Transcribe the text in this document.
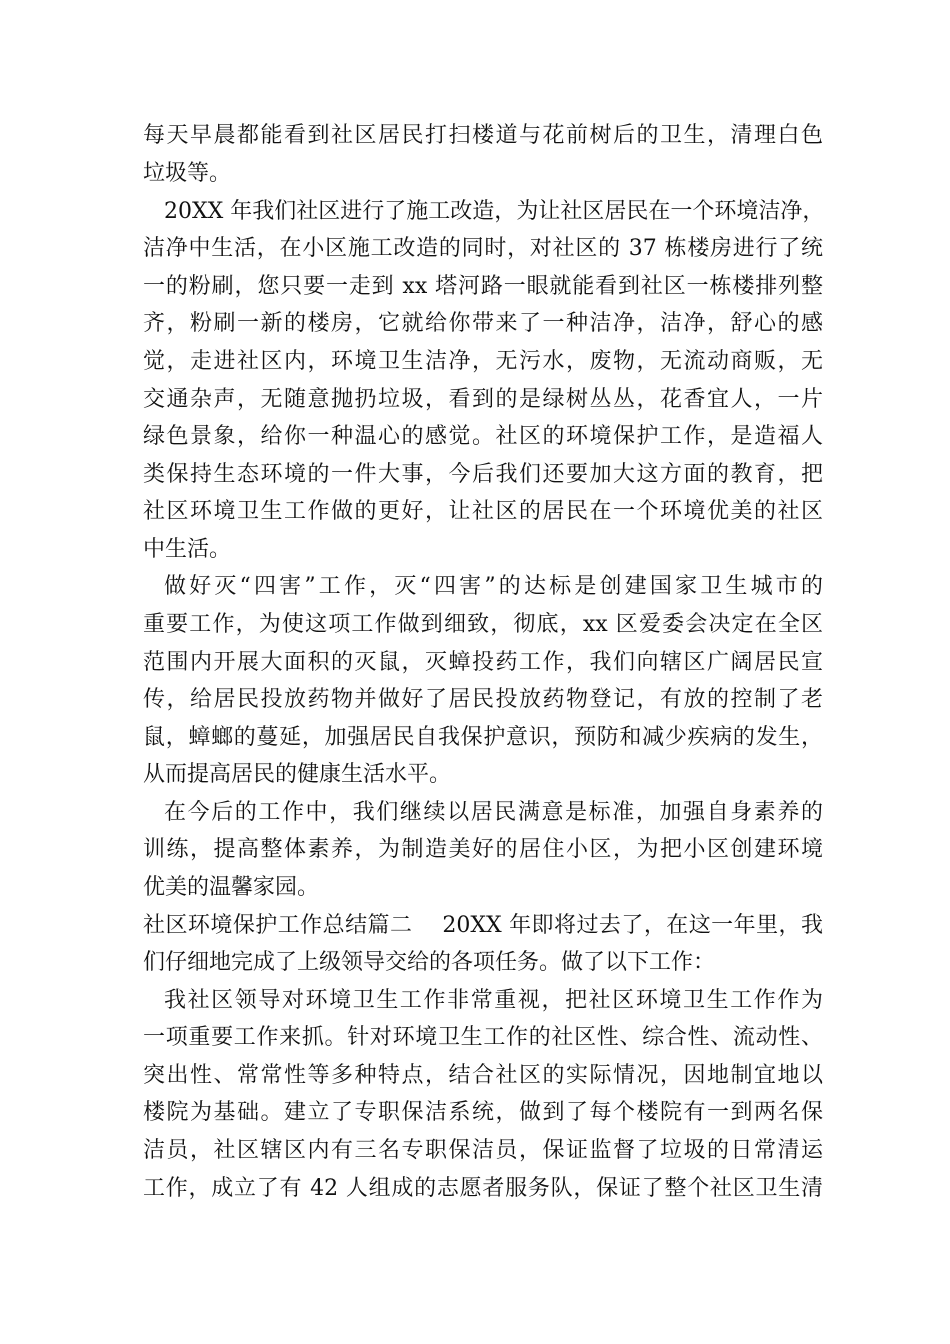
每天早晨都能看到社区居民打扫楼道与花前树后的卫生，清理白色
垃圾等。
20XX 年我们社区进行了施工改造，为让社区居民在一个环境洁净，
洁净中生活，在小区施工改造的同时，对社区的 37 栋楼房进行了统
一的粉刷，您只要一走到 xx 塔河路一眼就能看到社区一栋楼排列整
齐，粉刷一新的楼房，它就给你带来了一种洁净，洁净，舒心的感
觉，走进社区内，环境卫生洁净，无污水，废物，无流动商贩，无
交通杂声，无随意抛扔垃圾，看到的是绿树丛丛，花香宜人，一片
绿色景象，给你一种温心的感觉。社区的环境保护工作，是造福人
类保持生态环境的一件大事，今后我们还要加大这方面的教育，把
社区环境卫生工作做的更好，让社区的居民在一个环境优美的社区
中生活。
做好灭“四害”工作，灭“四害”的达标是创建国家卫生城市的
重要工作，为使这项工作做到细致，彻底，xx 区爱委会决定在全区
范围内开展大面积的灭鼠，灭蟑投药工作，我们向辖区广阔居民宣
传，给居民投放药物并做好了居民投放药物登记，有放的控制了老
鼠，蟑螂的蔓延，加强居民自我保护意识，预防和减少疾病的发生，
从而提高居民的健康生活水平。
在今后的工作中，我们继续以居民满意是标准，加强自身素养的
训练，提高整体素养，为制造美好的居住小区，为把小区创建环境
优美的温馨家园。
社区环境保护工作总结篇二　 20XX 年即将过去了，在这一年里，我
们仔细地完成了上级领导交给的各项任务。做了以下工作：
我社区领导对环境卫生工作非常重视，把社区环境卫生工作作为
一项重要工作来抓。针对环境卫生工作的社区性、综合性、流动性、
突出性、常常性等多种特点，结合社区的实际情况，因地制宜地以
楼院为基础。建立了专职保洁系统，做到了每个楼院有一到两名保
洁员，社区辖区内有三名专职保洁员，保证监督了垃圾的日常清运
工作，成立了有 42 人组成的志愿者服务队，保证了整个社区卫生清
